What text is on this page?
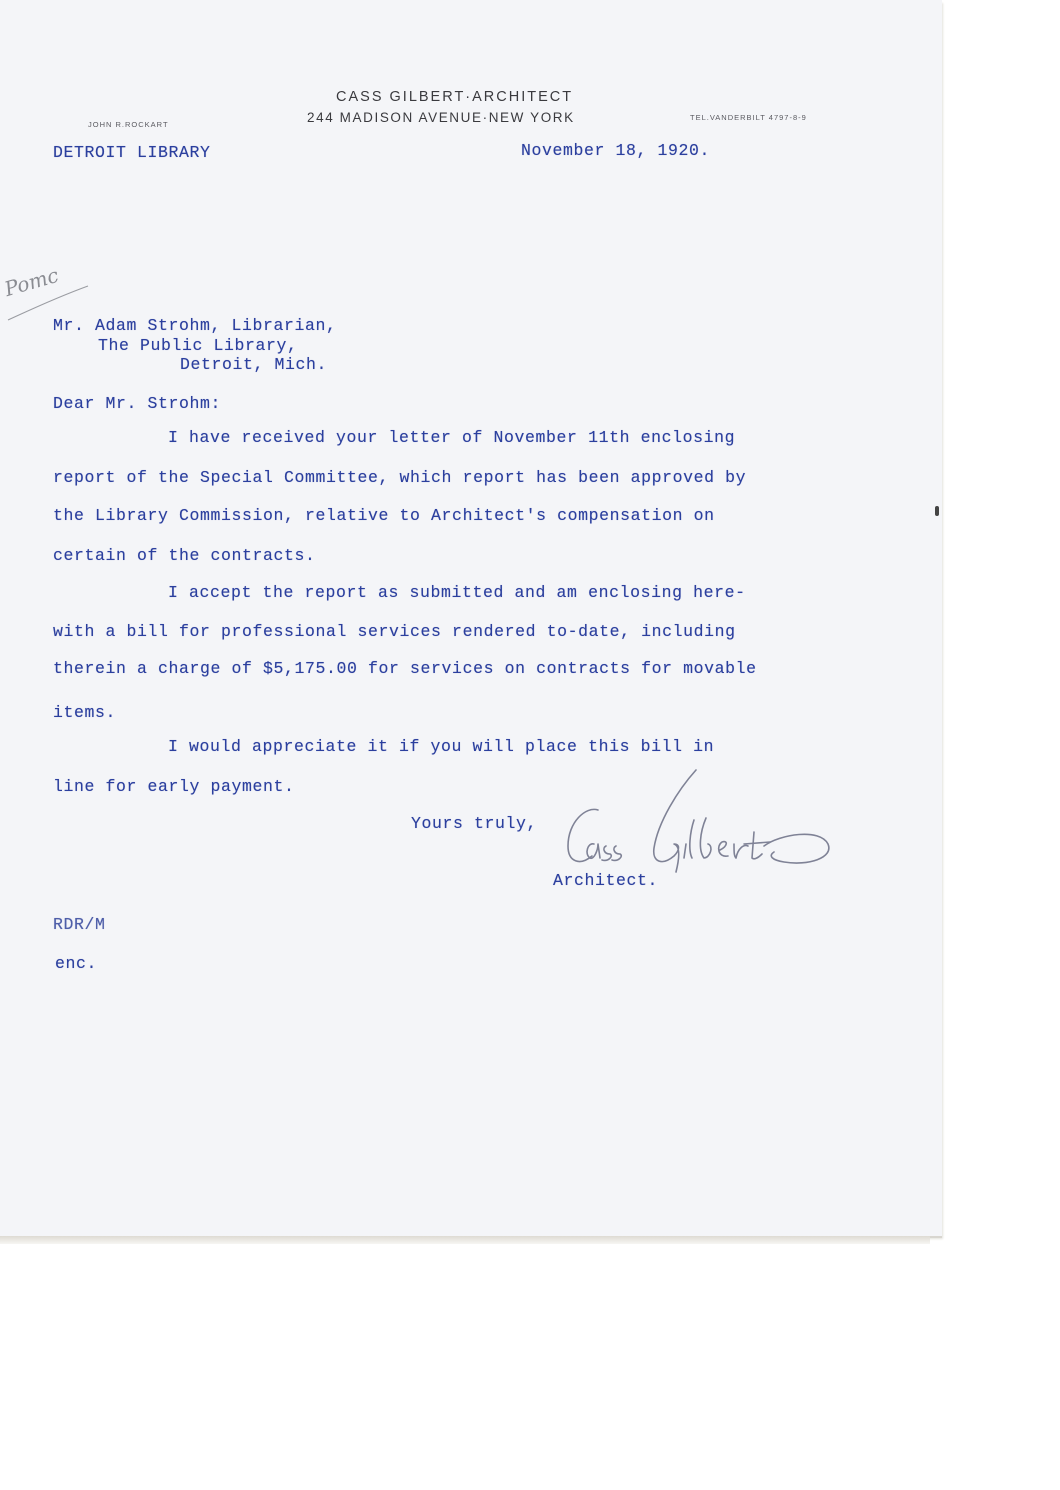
CASS GILBERT·ARCHITECT
244 MADISON AVENUE·NEW YORK
JOHN R.ROCKART
TEL.VANDERBILT 4797-8-9
DETROIT LIBRARY	November 18, 1920.
Pomc
Mr. Adam Strohm, Librarian,
The Public Library,
Detroit, Mich.
Dear Mr. Strohm:
I have received your letter of November 11th enclosing
report of the Special Committee, which report has been approved by
the Library Commission, relative to Architect's compensation on
certain of the contracts.
I accept the report as submitted and am enclosing here-
with a bill for professional services rendered to-date, including
therein a charge of $5,175.00 for services on contracts for movable
items.
I would appreciate it if you will place this bill in
line for early payment.
Yours truly,
Architect.
RDR/M
enc.
